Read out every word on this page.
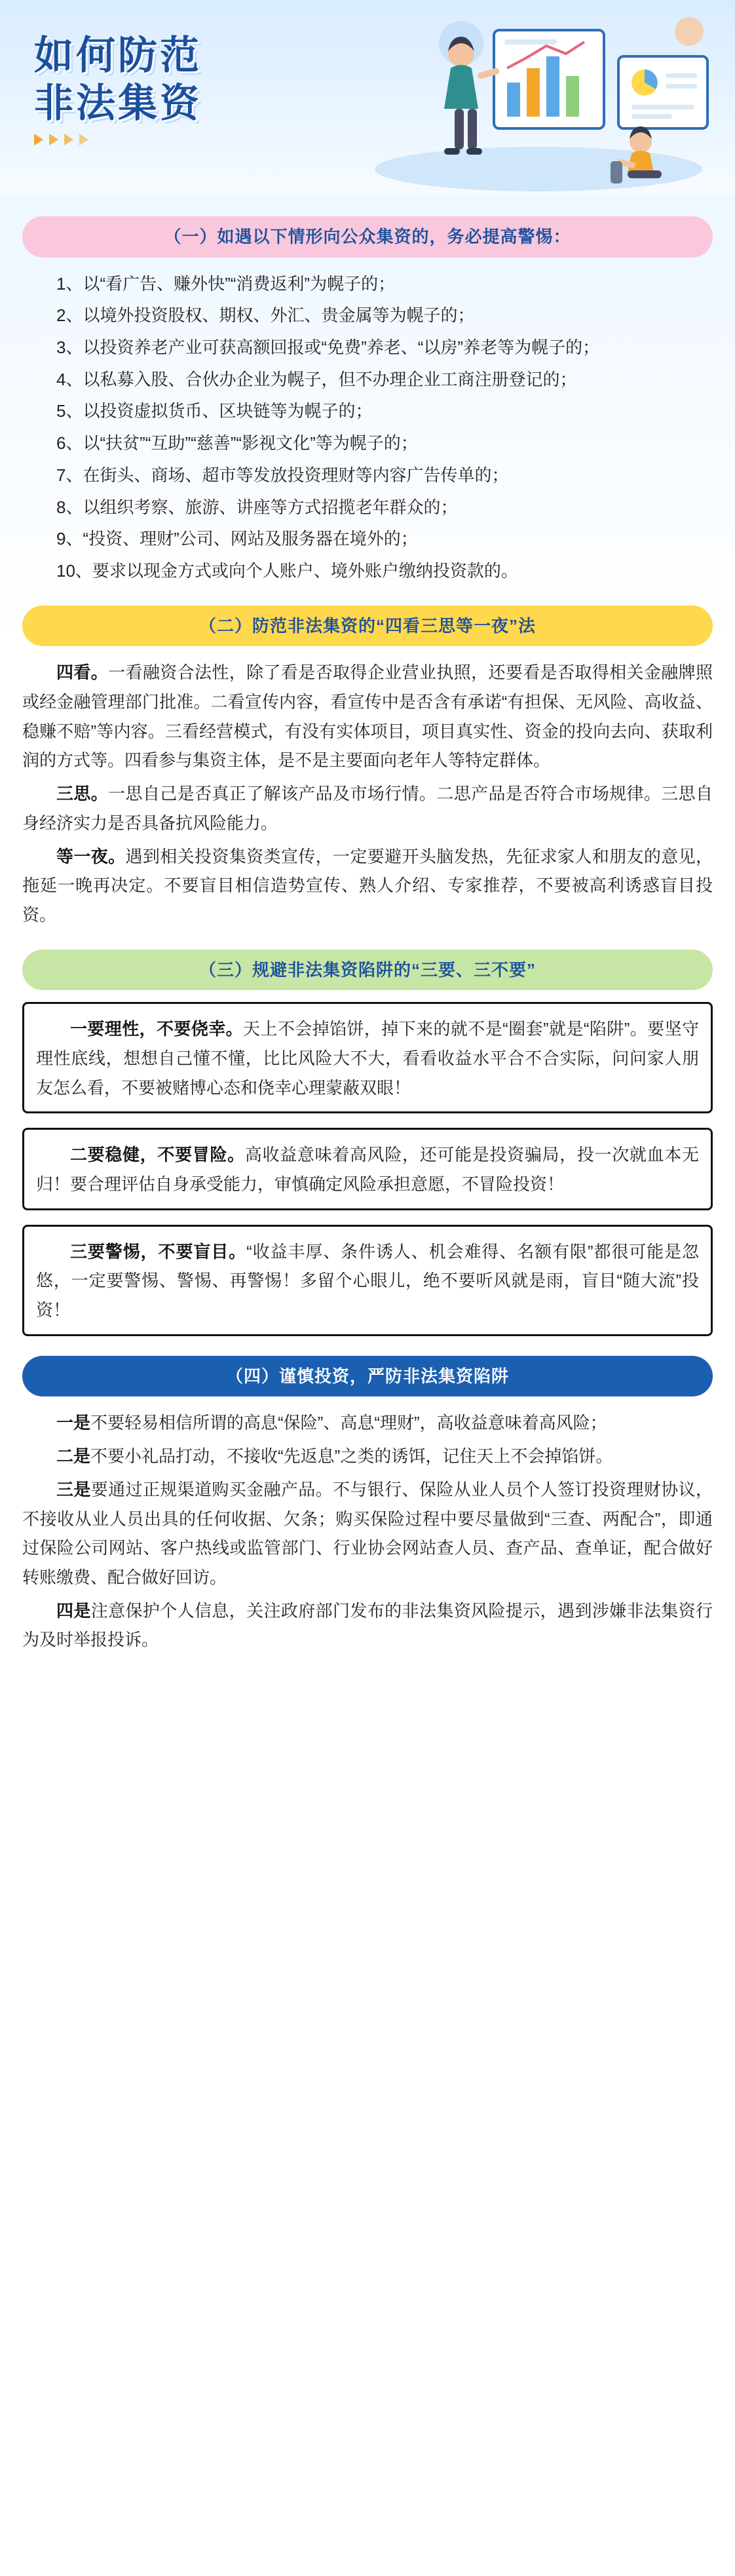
如何防范
非法集资
（一）如遇以下情形向公众集资的，务必提高警惕：

1、以“看广告、赚外快”“消费返利”为幌子的；

2、以境外投资股权、期权、外汇、贵金属等为幌子的；

3、以投资养老产业可获高额回报或“免费”养老、“以房”养老等为幌子的；

4、以私募入股、合伙办企业为幌子，但不办理企业工商注册登记的；

5、以投资虚拟货币、区块链等为幌子的；

6、以“扶贫”“互助”“慈善”“影视文化”等为幌子的；

7、在街头、商场、超市等发放投资理财等内容广告传单的；

8、以组织考察、旅游、讲座等方式招揽老年群众的；

9、“投资、理财”公司、网站及服务器在境外的；

10、要求以现金方式或向个人账户、境外账户缴纳投资款的。

（二）防范非法集资的“四看三思等一夜”法

四看。一看融资合法性，除了看是否取得企业营业执照，还要看是否取得相关金融牌照或经金融管理部门批准。二看宣传内容，看宣传中是否含有承诺“有担保、无风险、高收益、稳赚不赔”等内容。三看经营模式，有没有实体项目，项目真实性、资金的投向去向、获取利润的方式等。四看参与集资主体，是不是主要面向老年人等特定群体。

三思。一思自己是否真正了解该产品及市场行情。二思产品是否符合市场规律。三思自身经济实力是否具备抗风险能力。

等一夜。遇到相关投资集资类宣传，一定要避开头脑发热，先征求家人和朋友的意见，拖延一晚再决定。不要盲目相信造势宣传、熟人介绍、专家推荐，不要被高利诱惑盲目投资。

（三）规避非法集资陷阱的“三要、三不要”

一要理性，不要侥幸。天上不会掉馅饼，掉下来的就不是“圈套”就是“陷阱”。要坚守理性底线，想想自己懂不懂，比比风险大不大，看看收益水平合不合实际，问问家人朋友怎么看，不要被赌博心态和侥幸心理蒙蔽双眼！

二要稳健，不要冒险。高收益意味着高风险，还可能是投资骗局，投一次就血本无归！要合理评估自身承受能力，审慎确定风险承担意愿，不冒险投资！

三要警惕，不要盲目。“收益丰厚、条件诱人、机会难得、名额有限”都很可能是忽悠，一定要警惕、警惕、再警惕！多留个心眼儿，绝不要听风就是雨，盲目“随大流”投资！

（四）谨慎投资，严防非法集资陷阱

一是不要轻易相信所谓的高息“保险”、高息“理财”，高收益意味着高风险；

二是不要小礼品打动，不接收“先返息”之类的诱饵，记住天上不会掉馅饼。

三是要通过正规渠道购买金融产品。不与银行、保险从业人员个人签订投资理财协议，不接收从业人员出具的任何收据、欠条；购买保险过程中要尽量做到“三查、两配合”，即通过保险公司网站、客户热线或监管部门、行业协会网站查人员、查产品、查单证，配合做好转账缴费、配合做好回访。

四是注意保护个人信息，关注政府部门发布的非法集资风险提示，遇到涉嫌非法集资行为及时举报投诉。
